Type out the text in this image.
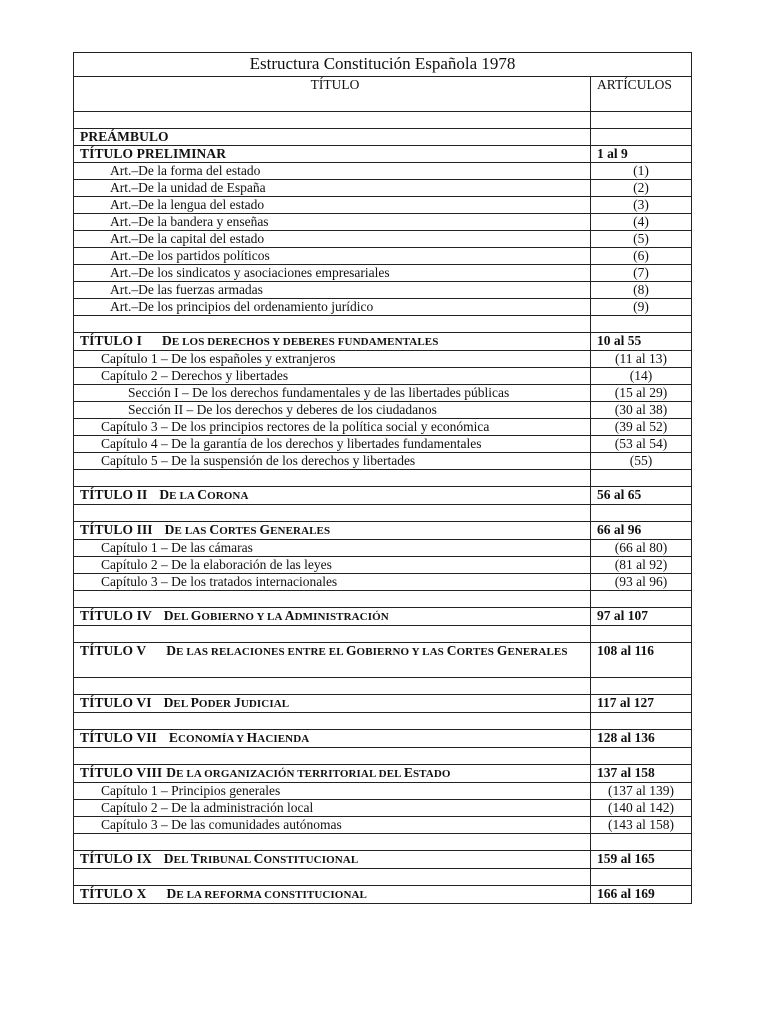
Estructura Constitución Española 1978	
TÍTULO	ARTÍCULOS

PREÁMBULO	
TÍTULO PRELIMINAR	1 al 9
Art.–De la forma del estado	(1)
Art.–De la unidad de España	(2)
Art.–De la lengua del estado	(3)
Art.–De la bandera y enseñas	(4)
Art.–De la capital del estado	(5)
Art.–De los partidos políticos	(6)
Art.–De los sindicatos y asociaciones empresariales	(7)
Art.–De las fuerzas armadas	(8)
Art.–De los principios del ordenamiento jurídico	(9)

TÍTULO I DE LOS DERECHOS Y DEBERES FUNDAMENTALES	10 al 55
Capítulo 1 – De los españoles y extranjeros	(11 al 13)
Capítulo 2 – Derechos y libertades	(14)
Sección I – De los derechos fundamentales y de las libertades públicas	(15 al 29)
Sección II – De los derechos y deberes de los ciudadanos	(30 al 38)
Capítulo 3 – De los principios rectores de la política social y económica	(39 al 52)
Capítulo 4 – De la garantía de los derechos y libertades fundamentales	(53 al 54)
Capítulo 5 – De la suspensión de los derechos y libertades	(55)

TÍTULO II DE LA CORONA	56 al 65

TÍTULO III DE LAS CORTES GENERALES	66 al 96
Capítulo 1 – De las cámaras	(66 al 80)
Capítulo 2 – De la elaboración de las leyes	(81 al 92)
Capítulo 3 – De los tratados internacionales	(93 al 96)

TÍTULO IV DEL GOBIERNO Y LA ADMINISTRACIÓN	97 al 107

TÍTULO V DE LAS RELACIONES ENTRE EL GOBIERNO Y LAS CORTES GENERALES	108 al 116

TÍTULO VI DEL PODER JUDICIAL	117 al 127

TÍTULO VII ECONOMÍA Y HACIENDA	128 al 136

TÍTULO VIII DE LA ORGANIZACIÓN TERRITORIAL DEL ESTADO	137 al 158
Capítulo 1 – Principios generales	(137 al 139)
Capítulo 2 – De la administración local	(140 al 142)
Capítulo 3 – De las comunidades autónomas	(143 al 158)

TÍTULO IX DEL TRIBUNAL CONSTITUCIONAL	159 al 165

TÍTULO X DE LA REFORMA CONSTITUCIONAL	166 al 169
